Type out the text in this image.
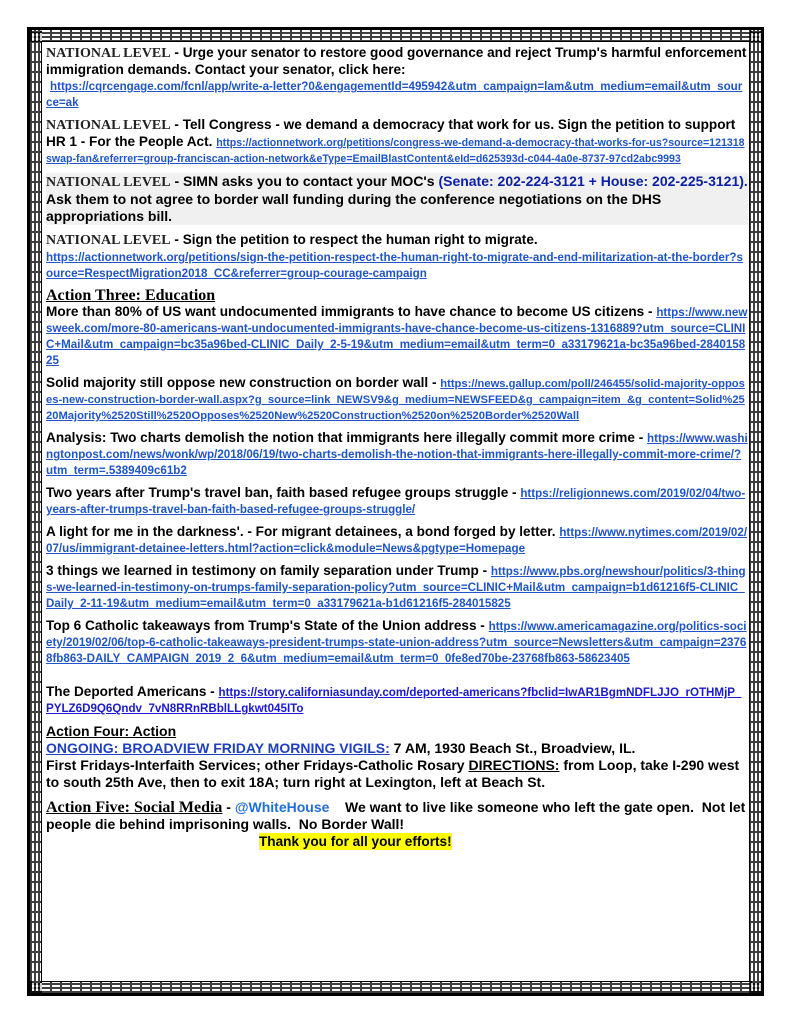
NATIONAL LEVEL - Urge your senator to restore good governance and reject Trump's harmful enforcement immigration demands. Contact your senator, click here:
https://cqrcengage.com/fcnl/app/write-a-letter?0&engagementId=495942&utm_campaign=lam&utm_medium=email&utm_source=ak
NATIONAL LEVEL - Tell Congress - we demand a democracy that work for us. Sign the petition to support HR 1 - For the People Act. https://actionnetwork.org/petitions/congress-we-demand-a-democracy-that-works-for-us?source=121318swap-fan&referrer=group-franciscan-action-network&eType=EmailBlastContent&eId=d625393d-c044-4a0e-8737-97cd2abc9993
NATIONAL LEVEL - SIMN asks you to contact your MOC's (Senate: 202-224-3121 + House: 202-225-3121). Ask them to not agree to border wall funding during the conference negotiations on the DHS appropriations bill.
NATIONAL LEVEL - Sign the petition to respect the human right to migrate.
https://actionnetwork.org/petitions/sign-the-petition-respect-the-human-right-to-migrate-and-end-militarization-at-the-border?source=RespectMigration2018_CC&referrer=group-courage-campaign
Action Three: Education
More than 80% of US want undocumented immigrants to have chance to become US citizens - https://www.newsweek.com/more-80-americans-want-undocumented-immigrants-have-chance-become-us-citizens-1316889?utm_source=CLINIC+Mail&utm_campaign=bc35a96bed-CLINIC_Daily_2-5-19&utm_medium=email&utm_term=0_a33179621a-bc35a96bed-284015825
Solid majority still oppose new construction on border wall - https://news.gallup.com/poll/246455/solid-majority-opposes-new-construction-border-wall.aspx?g_source=link_NEWSV9&g_medium=NEWSFEED&g_campaign=item_&g_content=Solid%2520Majority%2520Still%2520Opposes%2520New%2520Construction%2520on%2520Border%2520Wall
Analysis: Two charts demolish the notion that immigrants here illegally commit more crime - https://www.washingtonpost.com/news/wonk/wp/2018/06/19/two-charts-demolish-the-notion-that-immigrants-here-illegally-commit-more-crime/?utm_term=.5389409c61b2
Two years after Trump's travel ban, faith based refugee groups struggle - https://religionnews.com/2019/02/04/two-years-after-trumps-travel-ban-faith-based-refugee-groups-struggle/
A light for me in the darkness'. - For migrant detainees, a bond forged by letter. https://www.nytimes.com/2019/02/07/us/immigrant-detainee-letters.html?action=click&module=News&pgtype=Homepage
3 things we learned in testimony on family separation under Trump - https://www.pbs.org/newshour/politics/3-things-we-learned-in-testimony-on-trumps-family-separation-policy?utm_source=CLINIC+Mail&utm_campaign=b1d61216f5-CLINIC_Daily_2-11-19&utm_medium=email&utm_term=0_a33179621a-b1d61216f5-284015825
Top 6 Catholic takeaways from Trump's State of the Union address - https://www.americamagazine.org/politics-society/2019/02/06/top-6-catholic-takeaways-president-trumps-state-union-address?utm_source=Newsletters&utm_campaign=23768fb863-DAILY_CAMPAIGN_2019_2_6&utm_medium=email&utm_term=0_0fe8ed70be-23768fb863-58623405
The Deported Americans - https://story.californiasunday.com/deported-americans?fbclid=IwAR1BgmNDFLJJO_rOTHMjP_PYLZ6D9Q6Qndv_7vN8RRnRBblLLgkwt045ITo
Action Four: Action
ONGOING: BROADVIEW FRIDAY MORNING VIGILS: 7 AM, 1930 Beach St., Broadview, IL.
First Fridays-Interfaith Services; other Fridays-Catholic Rosary DIRECTIONS: from Loop, take I-290 west to south 25th Ave, then to exit 18A; turn right at Lexington, left at Beach St.
Action Five: Social Media - @WhiteHouse    We want to live like someone who left the gate open.  Not let people die behind imprisoning walls.  No Border Wall!
Thank you for all your efforts!
